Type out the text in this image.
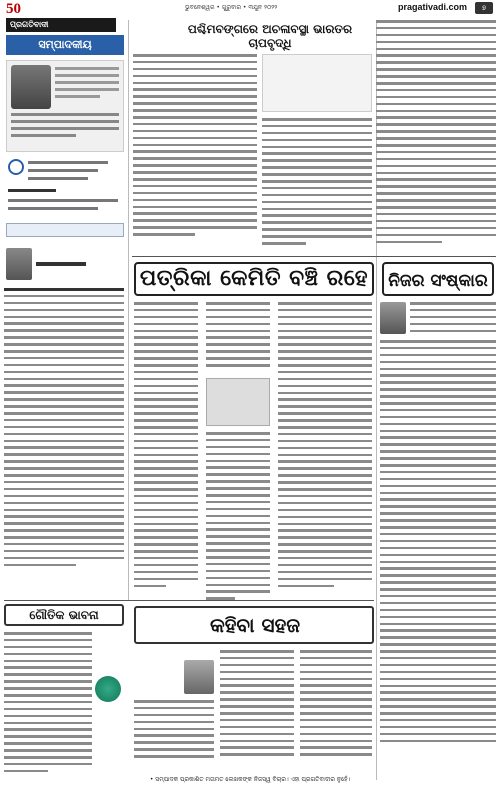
50	ଭୁବନେଶ୍ୱର • ଗୁରୁବାର • ୩ଯୁନ ୨୦୨୨	pragativadi.com	୭
ପ୍ରଗତିବାଦୀ
ସମ୍ପାଦକୀୟ
ପଶ୍ଚିମବଙ୍ଗରେ ଅଚଳାବସ୍ଥା ଭାରତର ଚାପବୃଦ୍ଧି
ପତ୍ରିକା କେମିତି ବଞ୍ଚି ରହେ	ନିଜର ସଂଷ୍କାର
ଗୌତିକ ଭାବନା	କହିବା ସହଜ
• ସମ୍ପାଦକ ପ୍ରକାଶିତ ମତାମତ ଲେଖକଙ୍କ ନିଜସ୍ୱ ବିଚାର। ଏହା ପ୍ରଗତିବାଦୀର ନୁହେଁ।
